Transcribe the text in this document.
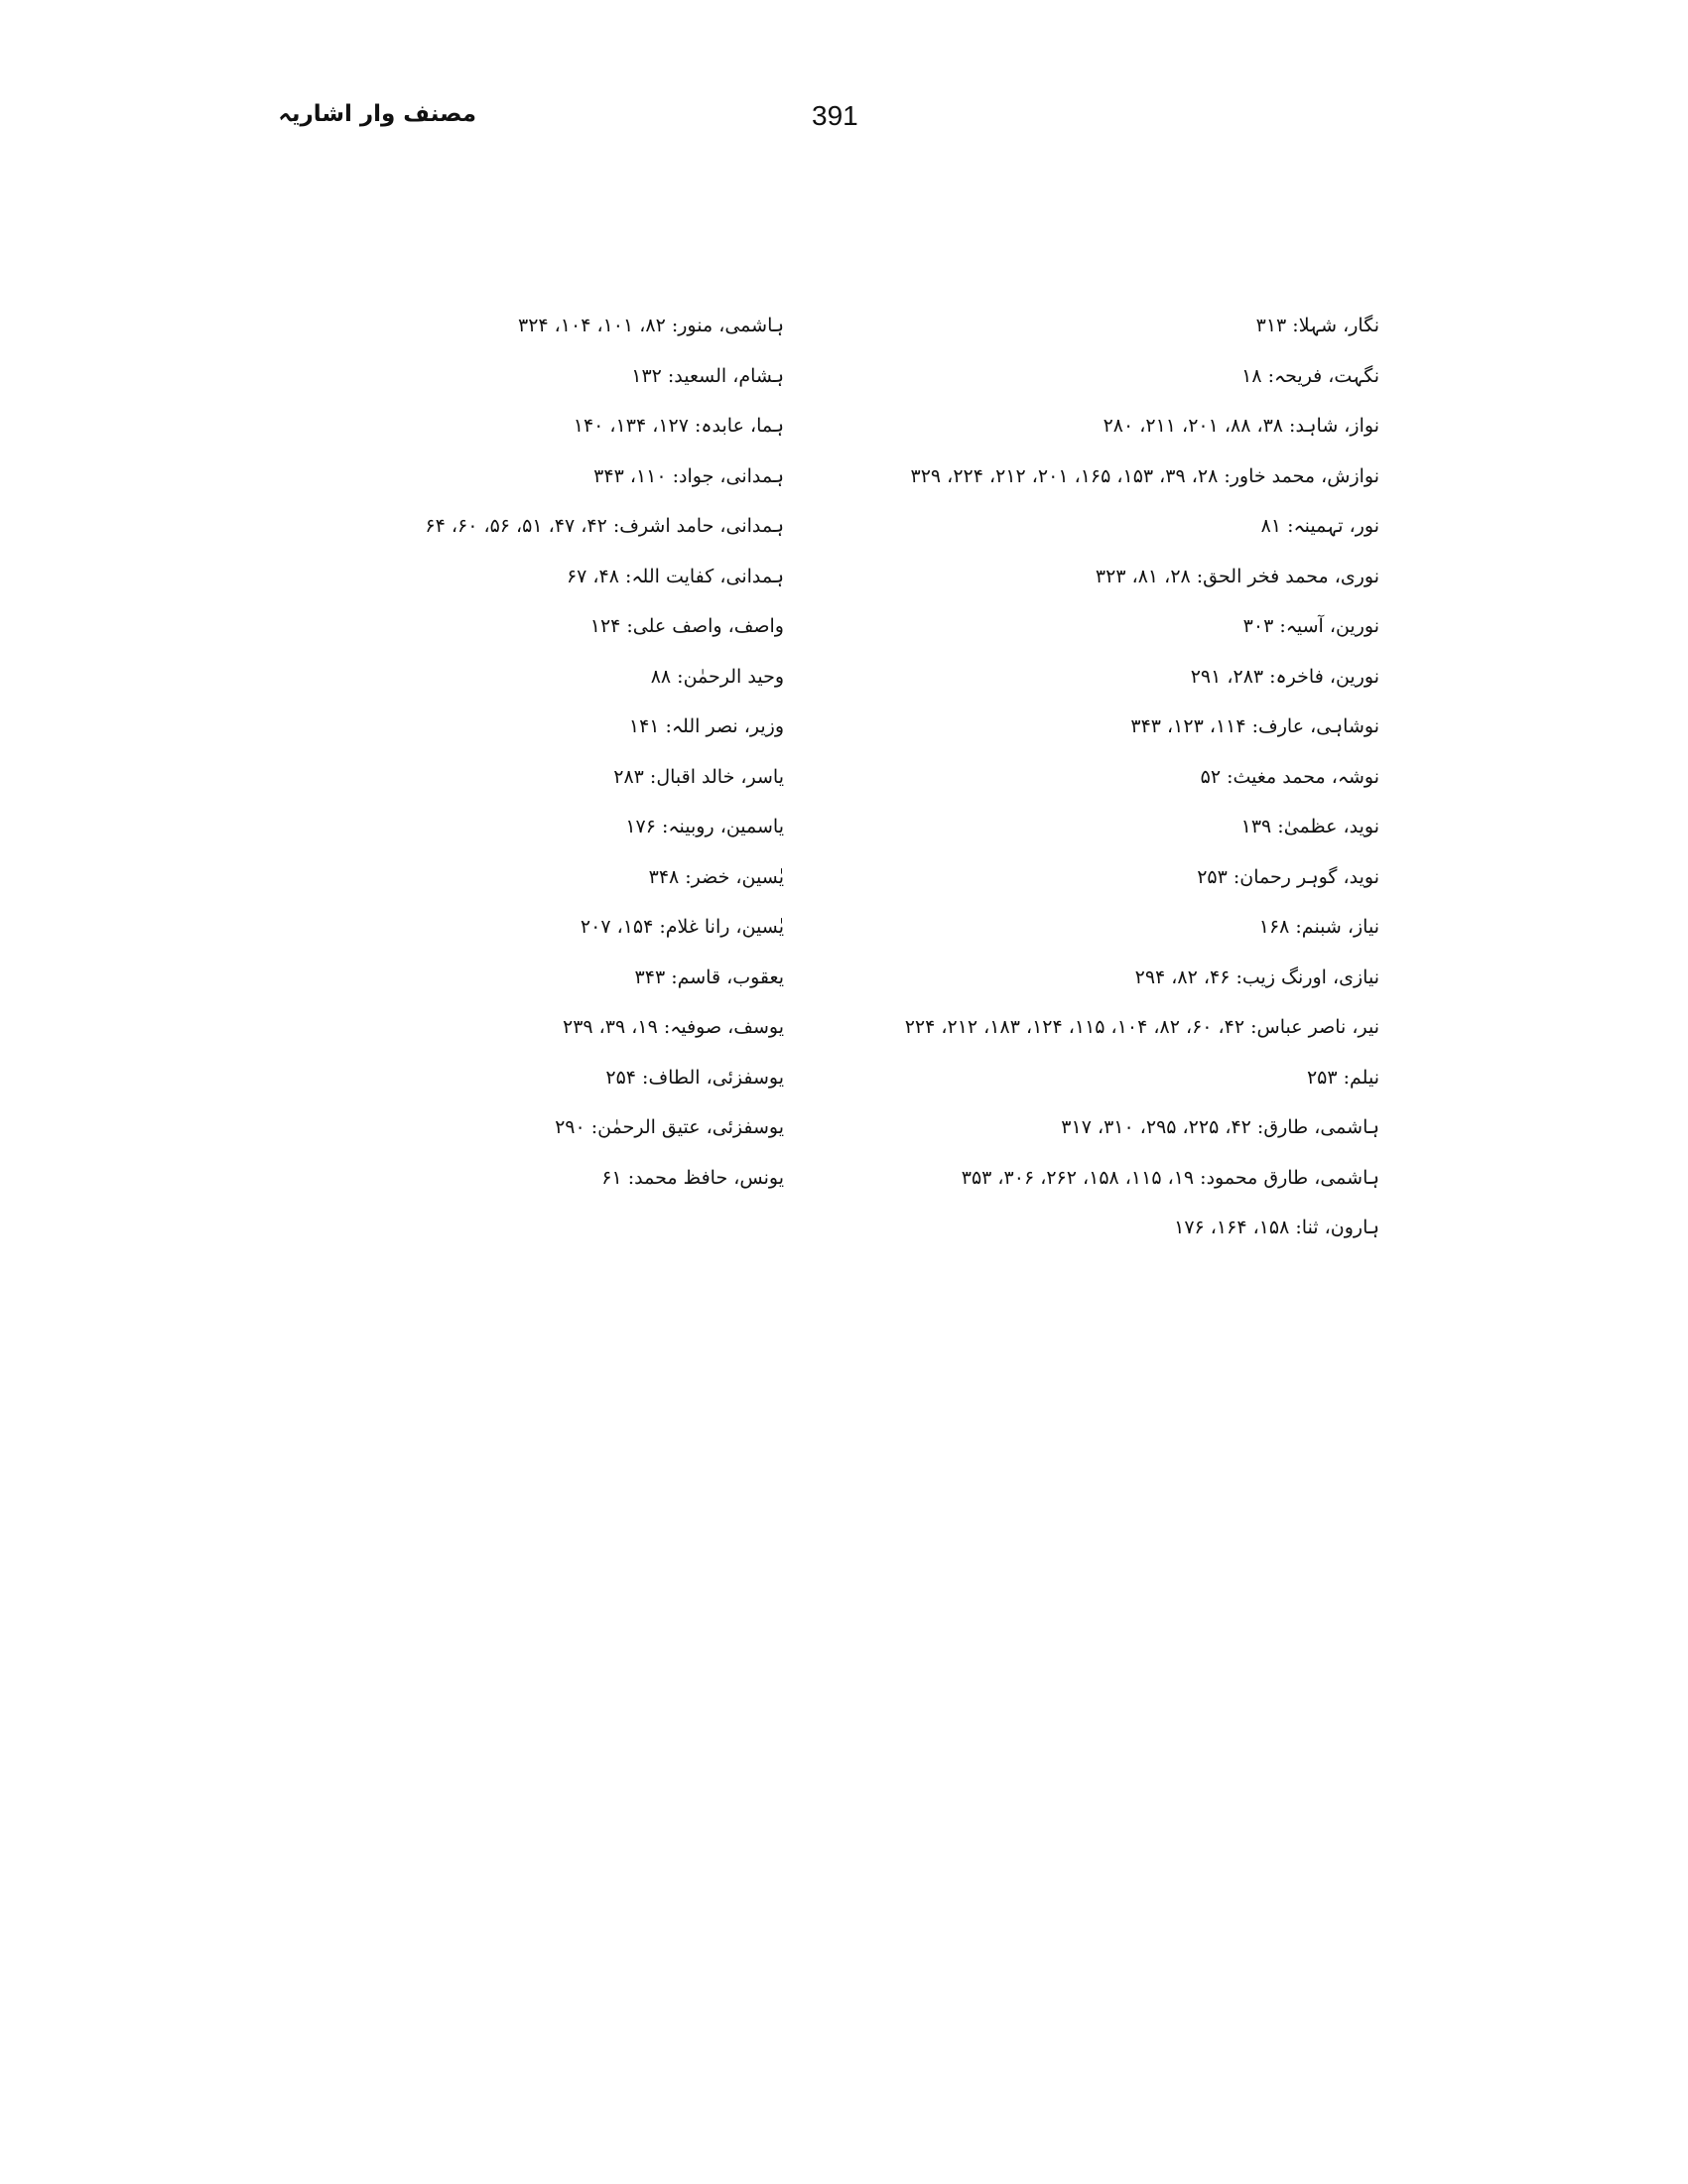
مصنف وار اشاریہ	391
نگار، شہلا: ۳۱۳
نگہت، فریحہ: ۱۸
نواز، شاہد: ۳۸، ۸۸، ۲۰۱، ۲۱۱، ۲۸۰
نوازش، محمد خاور: ۲۸، ۳۹، ۱۵۳، ۱۶۵، ۲۰۱، ۲۱۲، ۲۲۴، ۳۲۹
نور، تہمینہ: ۸۱
نوری، محمد فخر الحق: ۲۸، ۸۱، ۳۲۳
نورین، آسیہ: ۳۰۳
نورین، فاخرہ: ۲۸۳، ۲۹۱
نوشاہی، عارف: ۱۱۴، ۱۲۳، ۳۴۳
نوشہ، محمد مغیث: ۵۲
نوید، عظمیٰ: ۱۳۹
نوید، گوہر رحمان: ۲۵۳
نیاز، شبنم: ۱۶۸
نیازی، اورنگ زیب: ۴۶، ۸۲، ۲۹۴
نیر، ناصر عباس: ۴۲، ۶۰، ۸۲، ۱۰۴، ۱۱۵، ۱۲۴، ۱۸۳، ۲۱۲، ۲۲۴
نیلم: ۲۵۳
ہاشمی، طارق: ۴۲، ۲۲۵، ۲۹۵، ۳۱۰، ۳۱۷
ہاشمی، طارق محمود: ۱۹، ۱۱۵، ۱۵۸، ۲۶۲، ۳۰۶، ۳۵۳
ہارون، ثنا: ۱۵۸، ۱۶۴، ۱۷۶
ہاشمی، منور: ۸۲، ۱۰۱، ۱۰۴، ۳۲۴
ہشام، السعید: ۱۳۲
ہما، عابدہ: ۱۲۷، ۱۳۴، ۱۴۰
ہمدانی، جواد: ۱۱۰، ۳۴۳
ہمدانی، حامد اشرف: ۴۲، ۴۷، ۵۱، ۵۶، ۶۰، ۶۴
ہمدانی، کفایت اللہ: ۴۸، ۶۷
واصف، واصف علی: ۱۲۴
وحید الرحمٰن: ۸۸
وزیر، نصر اللہ: ۱۴۱
یاسر، خالد اقبال: ۲۸۳
یاسمین، روبینہ: ۱۷۶
یٰسین، خضر: ۳۴۸
یٰسین، رانا غلام: ۱۵۴، ۲۰۷
یعقوب، قاسم: ۳۴۳
یوسف، صوفیہ: ۱۹، ۳۹، ۲۳۹
یوسفزئی، الطاف: ۲۵۴
یوسفزئی، عتیق الرحمٰن: ۲۹۰
یونس، حافظ محمد: ۶۱
